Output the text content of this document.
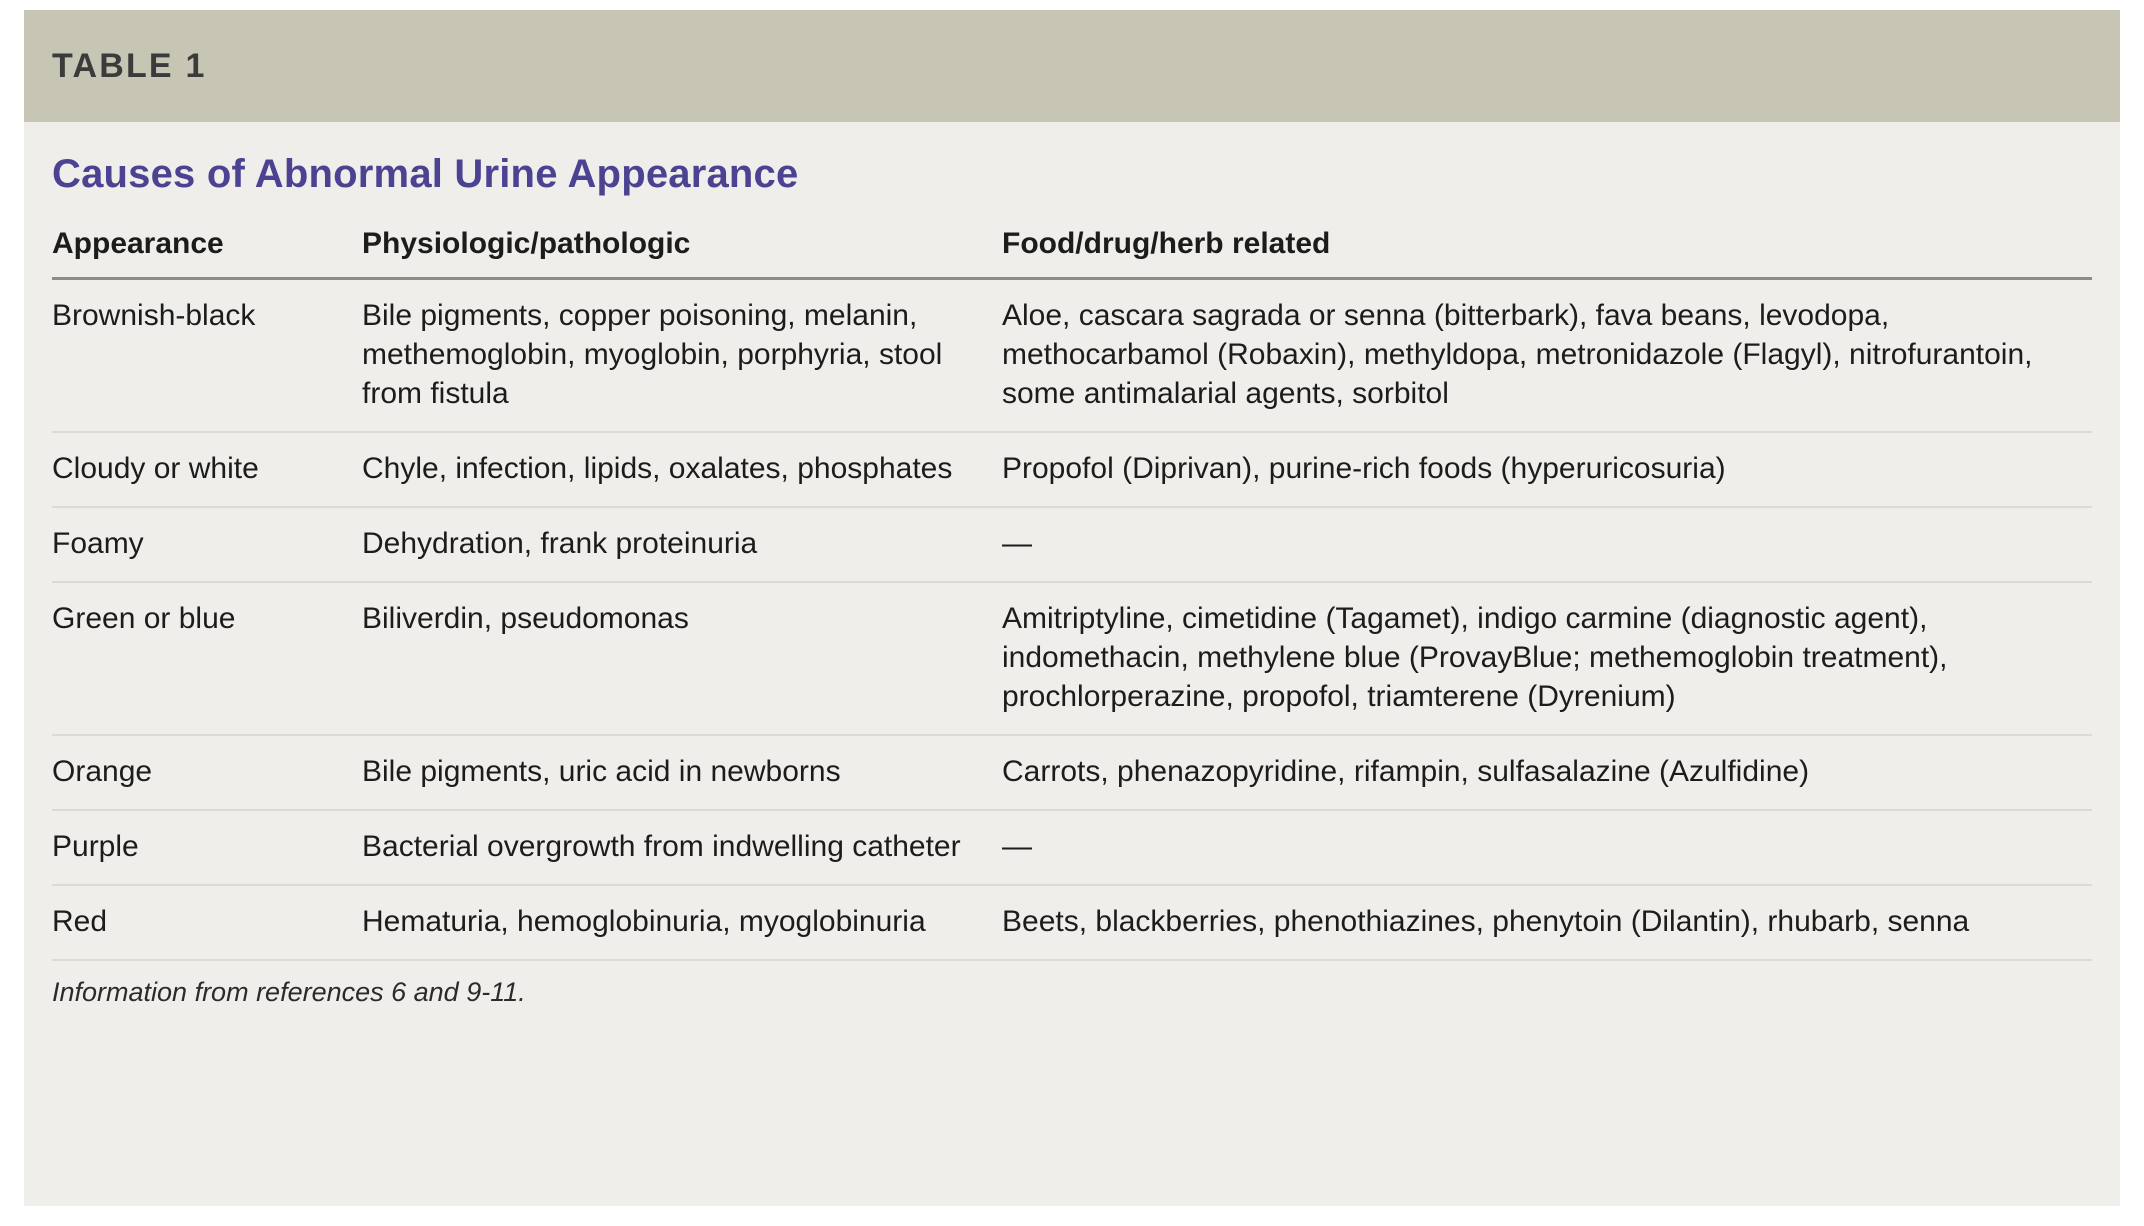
TABLE 1
Causes of Abnormal Urine Appearance
Appearance	Physiologic/pathologic	Food/drug/herb related
Brownish-black	Bile pigments, copper poisoning, melanin, methemoglobin, myoglobin, porphyria, stool from fistula	Aloe, cascara sagrada or senna (bitterbark), fava beans, levodopa, methocarbamol (Robaxin), methyldopa, metronidazole (Flagyl), nitrofurantoin, some antimalarial agents, sorbitol
Cloudy or white	Chyle, infection, lipids, oxalates, phosphates	Propofol (Diprivan), purine-rich foods (hyperuricosuria)
Foamy	Dehydration, frank proteinuria	—
Green or blue	Biliverdin, pseudomonas	Amitriptyline, cimetidine (Tagamet), indigo carmine (diagnostic agent), indomethacin, methylene blue (ProvayBlue; methemoglobin treatment), prochlorperazine, propofol, triamterene (Dyrenium)
Orange	Bile pigments, uric acid in newborns	Carrots, phenazopyridine, rifampin, sulfasalazine (Azulfidine)
Purple	Bacterial overgrowth from indwelling catheter	—
Red	Hematuria, hemoglobinuria, myoglobinuria	Beets, blackberries, phenothiazines, phenytoin (Dilantin), rhubarb, senna
Information from references 6 and 9-11.
